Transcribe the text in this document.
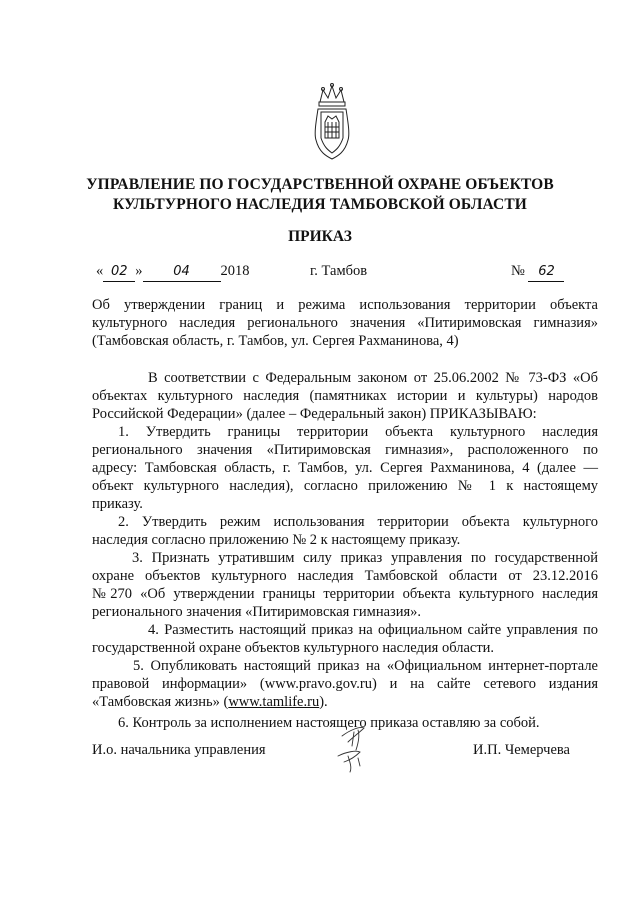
УПРАВЛЕНИЕ ПО ГОСУДАРСТВЕННОЙ ОХРАНЕ ОБЪЕКТОВ
КУЛЬТУРНОГО НАСЛЕДИЯ ТАМБОВСКОЙ ОБЛАСТИ
ПРИКАЗ
« 02 » 04 2018	г. Тамбов	№ 62
Об утверждении границ и режима использования территории объекта
культурного наследия регионального значения «Питиримовская гимназия»
(Тамбовская область, г. Тамбов, ул. Сергея Рахманинова, 4)
В соответствии с Федеральным законом от 25.06.2002 № 73-ФЗ «Об
объектах культурного наследия (памятниках истории и культуры) народов
Российской Федерации» (далее – Федеральный закон) ПРИКАЗЫВАЮ:
1. Утвердить границы территории объекта культурного наследия
регионального значения «Питиримовская гимназия», расположенного по
адресу: Тамбовская область, г. Тамбов, ул. Сергея Рахманинова, 4 (далее —
объект культурного наследия), согласно приложению № 1 к настоящему
приказу.
2. Утвердить режим использования территории объекта культурного
наследия согласно приложению № 2 к настоящему приказу.
3. Признать утратившим силу приказ управления по государственной
охране объектов культурного наследия Тамбовской области от 23.12.2016
№270 «Об утверждении границы территории объекта культурного наследия
регионального значения «Питиримовская гимназия».
4. Разместить настоящий приказ на официальном сайте управления по
государственной охране объектов культурного наследия области.
5. Опубликовать настоящий приказ на «Официальном интернет-портале
правовой информации» (www.pravo.gov.ru) и на сайте сетевого издания
«Тамбовская жизнь» (www.tamlife.ru).
6. Контроль за исполнением настоящего приказа оставляю за собой.
И.о. начальника управления	И.П. Чемерчева
